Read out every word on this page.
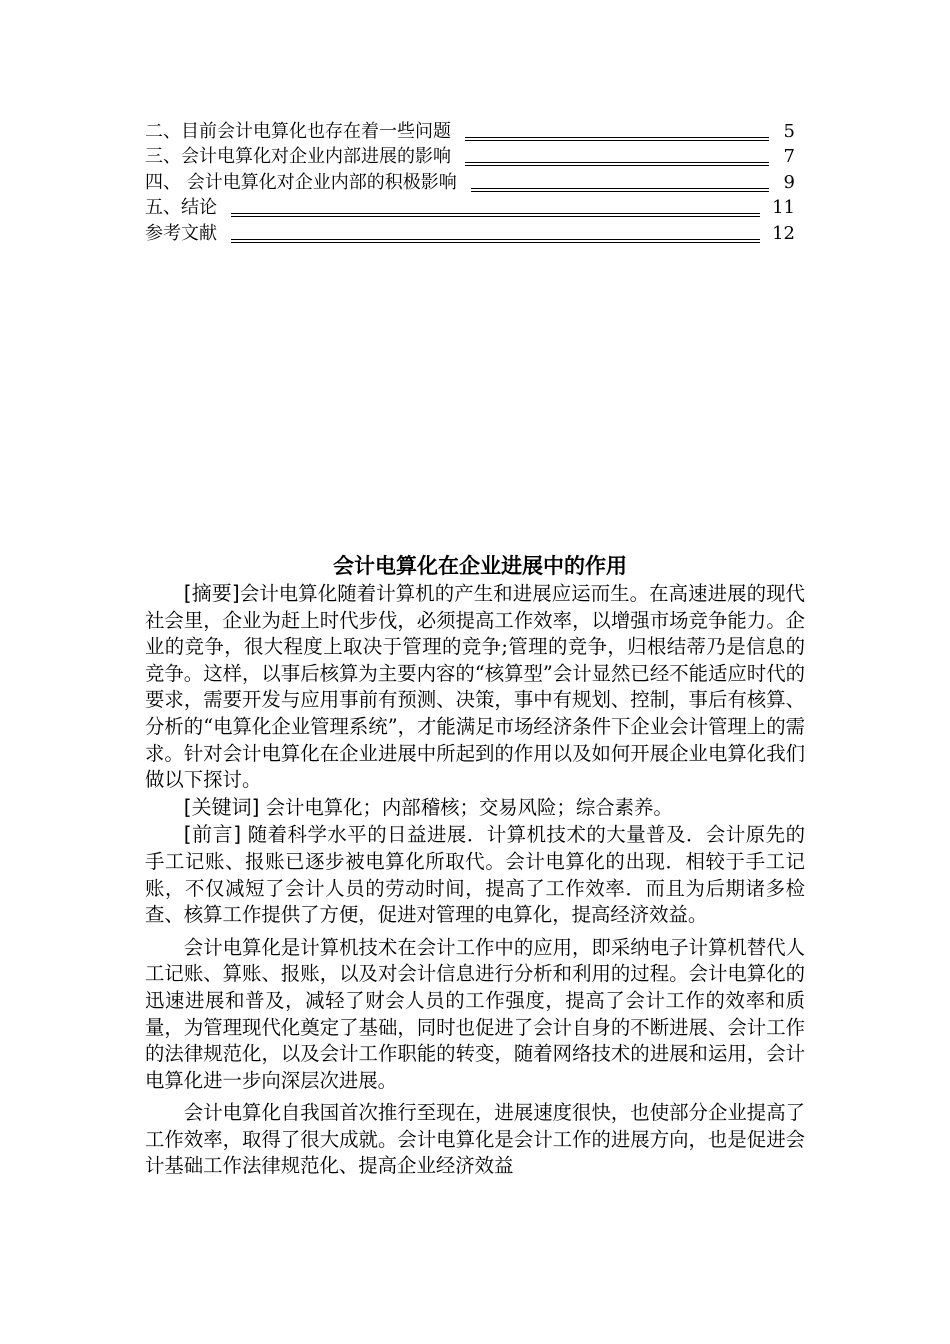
二、目前会计电算化也存在着一些问题	5
三、会计电算化对企业内部进展的影响	7
四、 会计电算化对企业内部的积极影响	9
五、结论	11
参考文献	12
会计电算化在企业进展中的作用

[摘要]会计电算化随着计算机的产生和进展应运而生。在高速进展的现代社会里，企业为赶上时代步伐，必须提高工作效率，以增强市场竞争能力。企业的竞争，很大程度上取决于管理的竞争;管理的竞争，归根结蒂乃是信息的竞争。这样，以事后核算为主要内容的“核算型”会计显然已经不能适应时代的要求，需要开发与应用事前有预测、决策，事中有规划、控制，事后有核算、分析的“电算化企业管理系统”，才能满足市场经济条件下企业会计管理上的需求。针对会计电算化在企业进展中所起到的作用以及如何开展企业电算化我们做以下探讨。

[关键词] 会计电算化；内部稽核；交易风险；综合素养。

[前言] 随着科学水平的日益进展．计算机技术的大量普及．会计原先的手工记账、报账已逐步被电算化所取代。会计电算化的出现．相较于手工记账，不仅减短了会计人员的劳动时间，提高了工作效率．而且为后期诸多检查、核算工作提供了方便，促进对管理的电算化，提高经济效益。

会计电算化是计算机技术在会计工作中的应用，即采纳电子计算机替代人工记账、算账、报账，以及对会计信息进行分析和利用的过程。会计电算化的迅速进展和普及，减轻了财会人员的工作强度，提高了会计工作的效率和质量，为管理现代化奠定了基础，同时也促进了会计自身的不断进展、会计工作的法律规范化，以及会计工作职能的转变，随着网络技术的进展和运用，会计电算化进一步向深层次进展。

会计电算化自我国首次推行至现在，进展速度很快，也使部分企业提高了工作效率，取得了很大成就。会计电算化是会计工作的进展方向，也是促进会计基础工作法律规范化、提高企业经济效益
